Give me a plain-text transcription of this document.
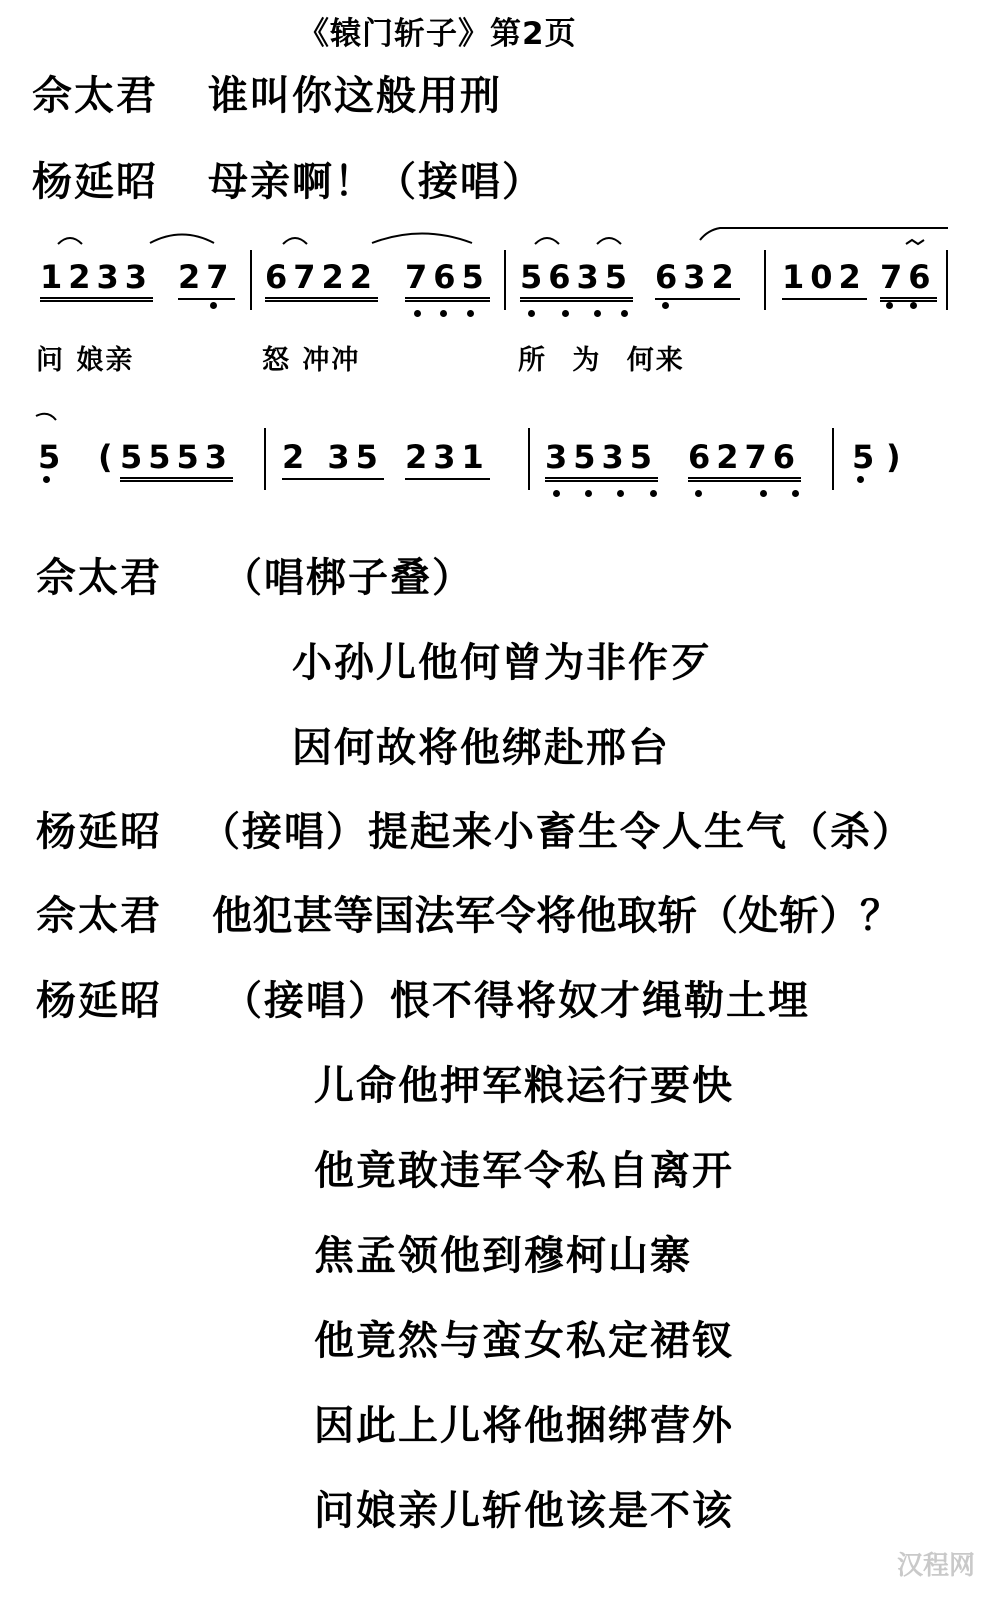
《辕门斩子》第2页
佘太君 谁叫你这般用刑
杨延昭 母亲啊！（接唱）
1233 27 6722 765 5635 632 102 76
问 娘亲	怒 冲冲	所 为 何来
5 ( 5553 2 35 231 3535 6276 5 )
佘太君 （唱梆子叠）
小孙儿他何曾为非作歹
因何故将他绑赴邢台
杨延昭 （接唱）提起来小畜生令人生气（杀）
佘太君 他犯甚等国法军令将他取斩（处斩）？
杨延昭 （接唱）恨不得将奴才绳勒土埋
儿命他押军粮运行要快
他竟敢违军令私自离开
焦孟领他到穆柯山寨
他竟然与蛮女私定裙钗
因此上儿将他捆绑营外
问娘亲儿斩他该是不该
汉程网
